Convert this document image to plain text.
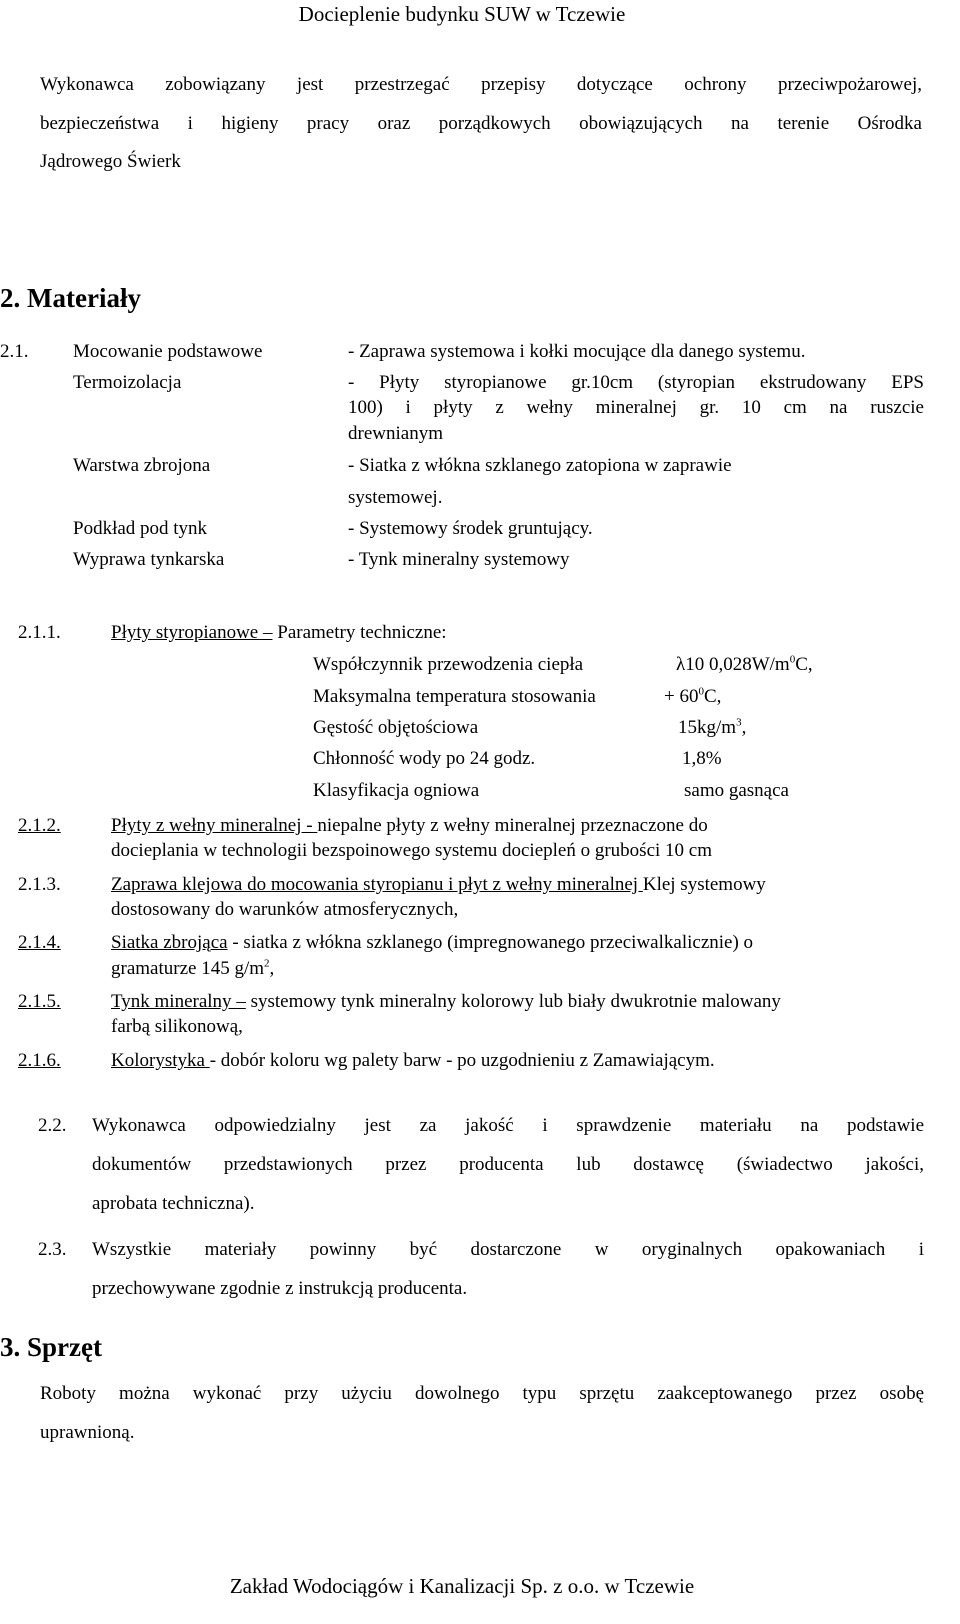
Docieplenie budynku SUW w Tczewie
Wykonawca zobowiązany jest przestrzegać przepisy dotyczące ochrony przeciwpożarowej,
bezpieczeństwa i higieny pracy oraz porządkowych obowiązujących na terenie Ośrodka
Jądrowego Świerk
2. Materiały
2.1. Mocowanie podstawowe	- Zaprawa systemowa i kołki mocujące dla danego systemu.
Termoizolacja	- Płyty styropianowe gr.10cm (styropian ekstrudowany EPS
100) i płyty z wełny mineralnej gr. 10 cm na ruszcie
drewnianym
Warstwa zbrojona	- Siatka z włókna szklanego zatopiona w zaprawie
systemowej.
Podkład pod tynk	- Systemowy środek gruntujący.
Wyprawa tynkarska	- Tynk mineralny systemowy
2.1.1.	Płyty styropianowe – Parametry techniczne:
Współczynnik przewodzenia ciepła	λ10 $0,028W/m^0C$,
Maksymalna temperatura stosowania	+ $60^0C$,
Gęstość objętościowa	$15kg/m^3$,
Chłonność wody po 24 godz.	1,8%
Klasyfikacja ogniowa	samo gasnąca
2.1.2.	Płyty z wełny mineralnej - niepalne płyty z wełny mineralnej przeznaczone do
docieplania w technologii bezspoinowego systemu dociepleń o grubości 10 cm
2.1.3.	Zaprawa klejowa do mocowania styropianu i płyt z wełny mineralnej Klej systemowy
dostosowany do warunków atmosferycznych,
2.1.4.	Siatka zbrojąca - siatka z włókna szklanego (impregnowanego przeciwalkalicznie) o
gramaturze 145 $g/m^2$,
2.1.5.	Tynk mineralny – systemowy tynk mineralny kolorowy lub biały dwukrotnie malowany
farbą silikonową,
2.1.6.	Kolorystyka - dobór koloru wg palety barw - po uzgodnieniu z Zamawiającym.
2.2. Wykonawca odpowiedzialny jest za jakość i sprawdzenie materiału na podstawie
dokumentów przedstawionych przez producenta lub dostawcę (świadectwo jakości,
aprobata techniczna).
2.3. Wszystkie materiały powinny być dostarczone w oryginalnych opakowaniach i
przechowywane zgodnie z instrukcją producenta.
3. Sprzęt
Roboty można wykonać przy użyciu dowolnego typu sprzętu zaakceptowanego przez osobę
uprawnioną.
Zakład Wodociągów i Kanalizacji Sp. z o.o. w Tczewie
